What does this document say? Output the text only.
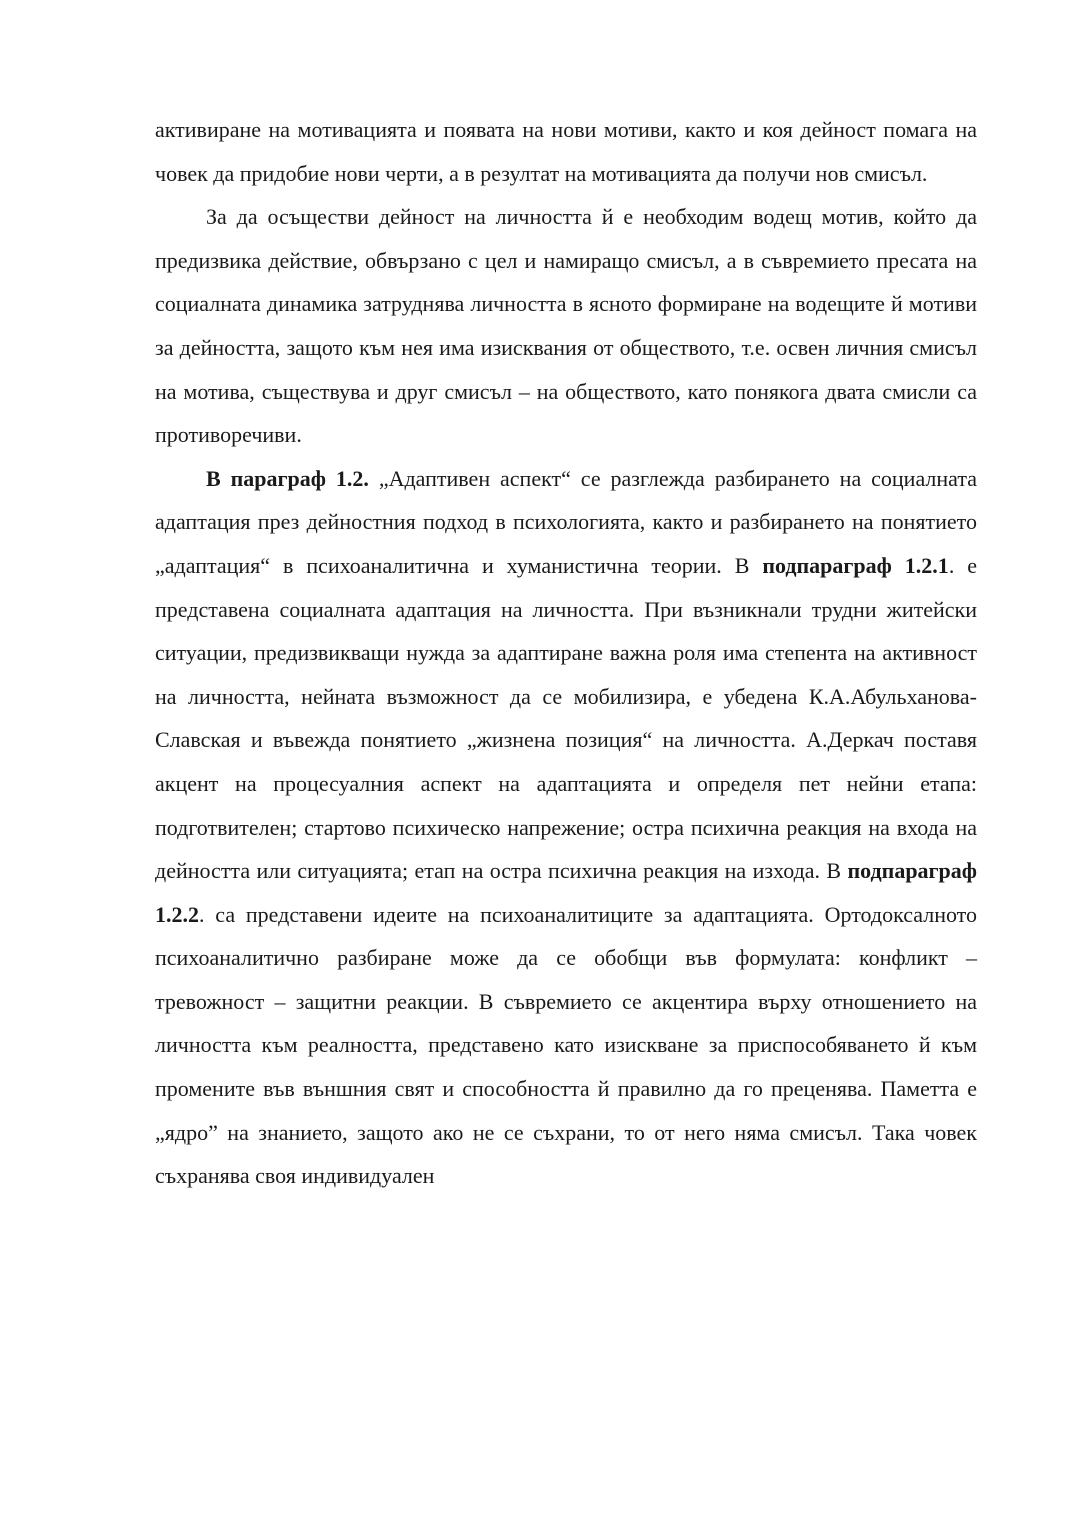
активиране на мотивацията и появата на нови мотиви, както и коя дейност помага на човек да придобие нови черти, а в резултат на мотивацията да получи нов смисъл.

За да осъществи дейност на личността й е необходим водещ мотив, който да предизвика действие, обвързано с цел и намиращо смисъл, а в съвремието пресата на социалната динамика затруднява личността в ясното формиране на водещите й мотиви за дейността, защото към нея има изисквания от обществото, т.е. освен личния смисъл на мотива, съществува и друг смисъл – на обществото, като понякога двата смисли са противоречиви.

В параграф 1.2. „Адаптивен аспект“ се разглежда разбирането на социалната адаптация през дейностния подход в психологията, както и разбирането на понятието „адаптация“ в психоаналитична и хуманистична теории. В подпараграф 1.2.1. е представена социалната адаптация на личността. При възникнали трудни житейски ситуации, предизвикващи нужда за адаптиране важна роля има степента на активност на личността, нейната възможност да се мобилизира, е убедена К.А.Абульханова-Славская и въвежда понятието „жизнена позиция“ на личността. А.Деркач поставя акцент на процесуалния аспект на адаптацията и определя пет нейни етапа: подготвителен; стартово психическо напрежение; остра психична реакция на входа на дейността или ситуацията; етап на остра психична реакция на изхода. В подпараграф 1.2.2. са представени идеите на психоаналитиците за адаптацията. Ортодоксалното психоаналитично разбиране може да се обобщи във формулата: конфликт – тревожност – защитни реакции. В съвремието се акцентира върху отношението на личността към реалността, представено като изискване за приспособяването й към промените във външния свят и способността й правилно да го преценява. Паметта е „ядро” на знанието, защото ако не се съхрани, то от него няма смисъл. Така човек съхранява своя индивидуален
